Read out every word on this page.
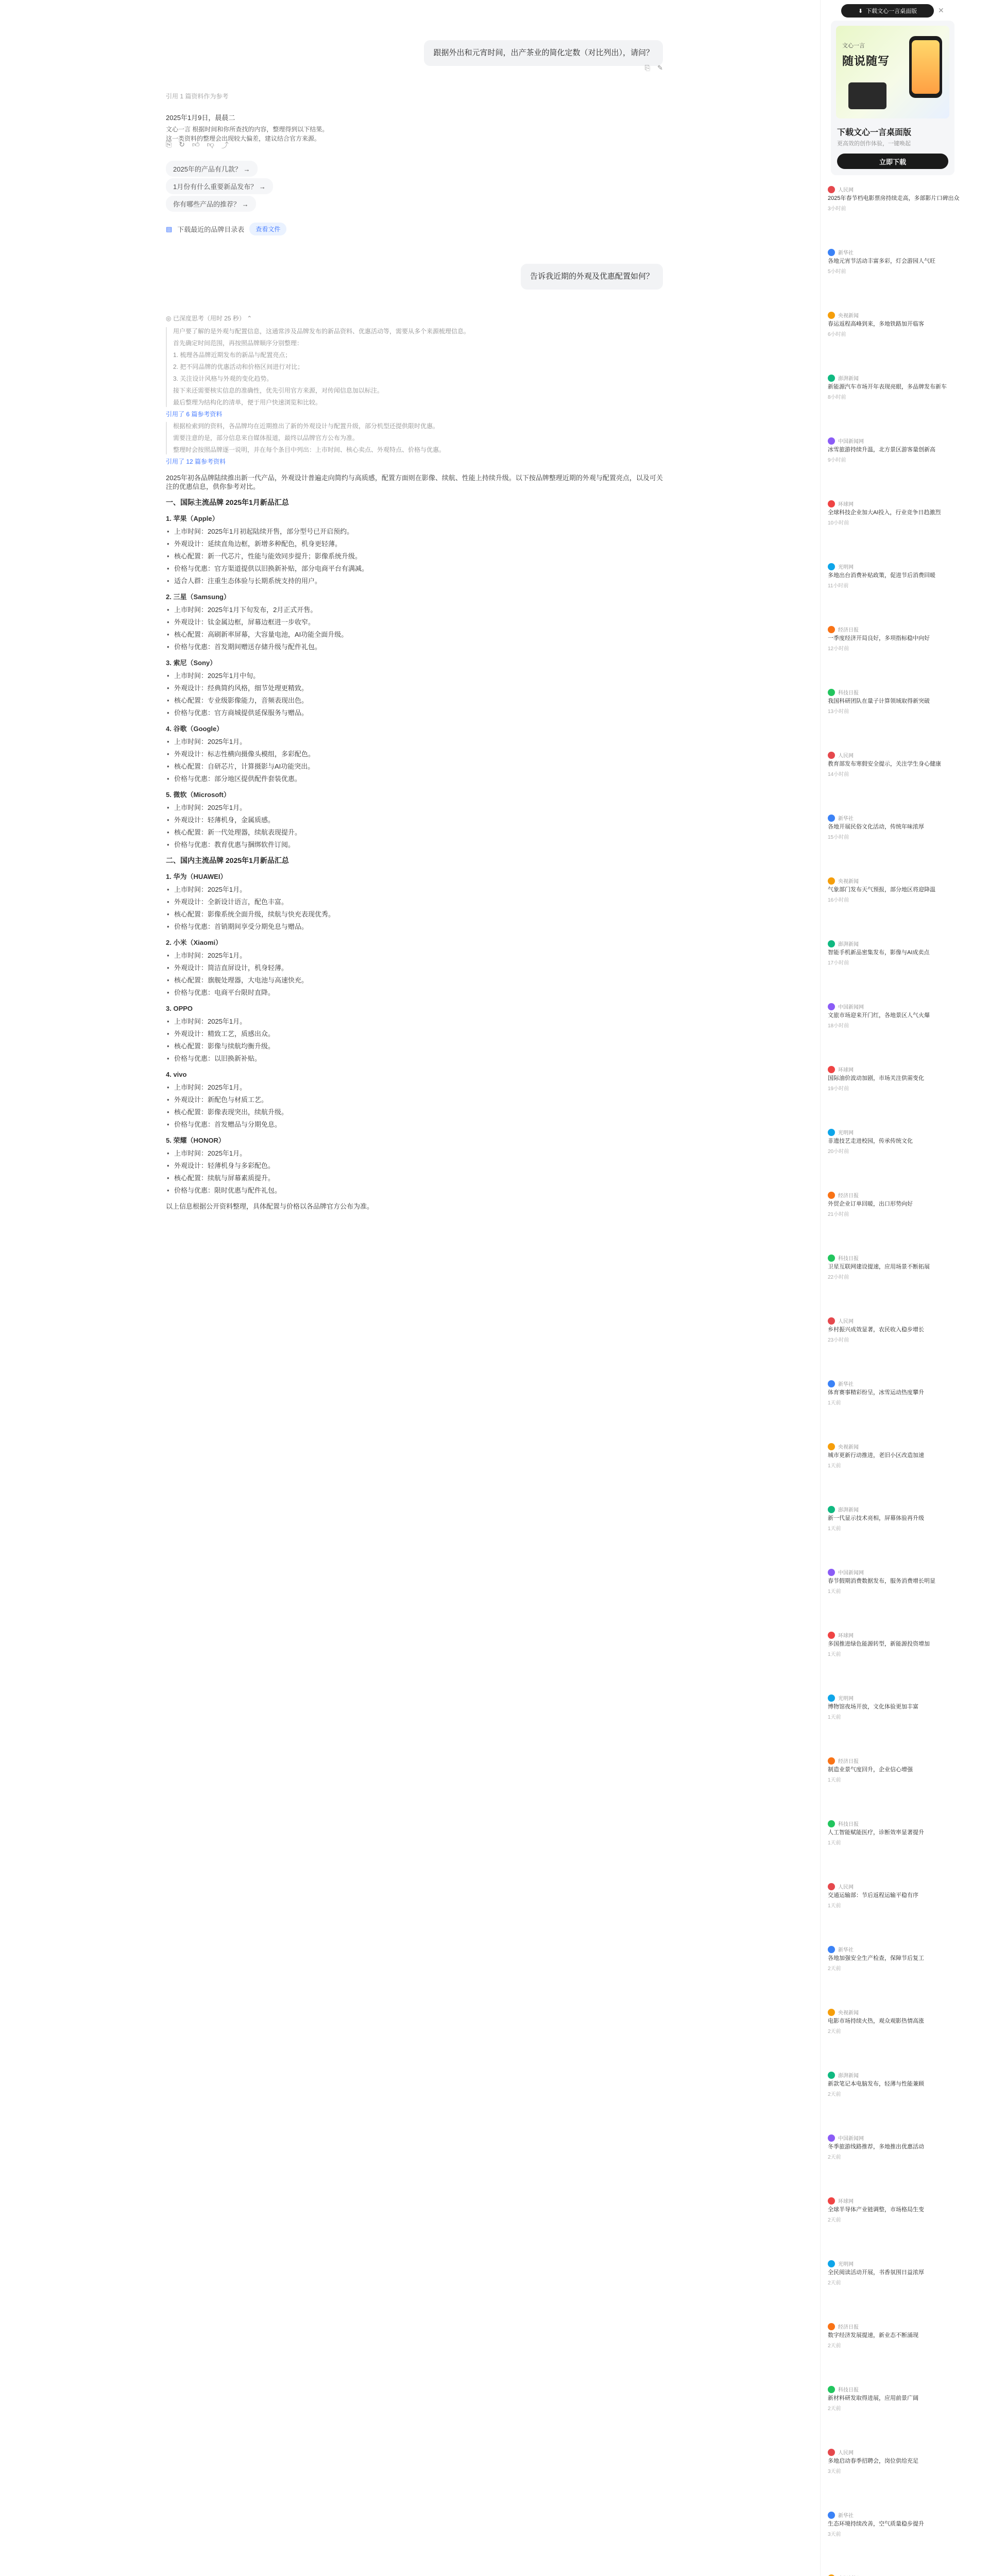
跟据外出和元宵时间，出产茶业的简化定数（对比列出），请问？
⎘ ✎
引用 1 篇资料作为参考
2025年1月9日，晨晨二
文心一言 根据时间和你所查找的内容，整理得到以下结果。
这一类资料的整理会出现较大偏差，建议结合官方来源。
⎘ ↻ 👍︎ 👎︎ ⤴
2025年的产品有几款？ →
1月份有什么重要新品发布？ →
你有哪些产品的推荐？ →
▤ 下载最近的品牌目录表	查看文件
告诉我近期的外观及优惠配置如何？

◎ 已深度思考（用时 25 秒） ⌃

用户要了解的是外观与配置信息，这通常涉及品牌发布的新品资料、优惠活动等，需要从多个来源梳理信息。

首先确定时间范围，再按照品牌顺序分别整理：

1. 梳理各品牌近期发布的新品与配置亮点；

2. 把不同品牌的优惠活动和价格区间进行对比；

3. 关注设计风格与外观的变化趋势。

接下来还需要核实信息的准确性，优先引用官方来源，对传闻信息加以标注。

最后整理为结构化的清单，便于用户快速浏览和比较。

引用了 6 篇参考资料

根据检索到的资料，各品牌均在近期推出了新的外观设计与配置升级，部分机型还提供限时优惠。

需要注意的是，部分信息来自媒体报道，最终以品牌官方公布为准。

整理时会按照品牌逐一说明，并在每个条目中列出：上市时间、核心卖点、外观特点、价格与优惠。

引用了 12 篇参考资料

2025年初各品牌陆续推出新一代产品，外观设计普遍走向简约与高质感，配置方面则在影像、续航、性能上持续升级。以下按品牌整理近期的外观与配置亮点，以及可关注的优惠信息，供你参考对比。

一、国际主流品牌 2025年1月新品汇总
1. 苹果（Apple）
• 上市时间：2025年1月初起陆续开售，部分型号已开启预约。
• 外观设计：延续直角边框，新增多种配色，机身更轻薄。
• 核心配置：新一代芯片，性能与能效同步提升；影像系统升级。
• 价格与优惠：官方渠道提供以旧换新补贴，部分电商平台有满减。
• 适合人群：注重生态体验与长期系统支持的用户。
2. 三星（Samsung）
• 上市时间：2025年1月下旬发布，2月正式开售。
• 外观设计：钛金属边框，屏幕边框进一步收窄。
• 核心配置：高刷新率屏幕，大容量电池，AI功能全面升级。
• 价格与优惠：首发期间赠送存储升级与配件礼包。
3. 索尼（Sony）
• 上市时间：2025年1月中旬。
• 外观设计：经典简约风格，细节处理更精致。
• 核心配置：专业级影像能力，音频表现出色。
• 价格与优惠：官方商城提供延保服务与赠品。
4. 谷歌（Google）
• 上市时间：2025年1月。
• 外观设计：标志性横向摄像头模组，多彩配色。
• 核心配置：自研芯片，计算摄影与AI功能突出。
• 价格与优惠：部分地区提供配件套装优惠。
5. 微软（Microsoft）
• 上市时间：2025年1月。
• 外观设计：轻薄机身，金属质感。
• 核心配置：新一代处理器，续航表现提升。
• 价格与优惠：教育优惠与捆绑软件订阅。
二、国内主流品牌 2025年1月新品汇总
1. 华为（HUAWEI）
• 上市时间：2025年1月。
• 外观设计：全新设计语言，配色丰富。
• 核心配置：影像系统全面升级，续航与快充表现优秀。
• 价格与优惠：首销期间享受分期免息与赠品。
2. 小米（Xiaomi）
• 上市时间：2025年1月。
• 外观设计：简洁直屏设计，机身轻薄。
• 核心配置：旗舰处理器，大电池与高速快充。
• 价格与优惠：电商平台限时直降。
3. OPPO
• 上市时间：2025年1月。
• 外观设计：精致工艺，质感出众。
• 核心配置：影像与续航均衡升级。
• 价格与优惠：以旧换新补贴。
4. vivo
• 上市时间：2025年1月。
• 外观设计：新配色与材质工艺。
• 核心配置：影像表现突出，续航升级。
• 价格与优惠：首发赠品与分期免息。
5. 荣耀（HONOR）
• 上市时间：2025年1月。
• 外观设计：轻薄机身与多彩配色。
• 核心配置：续航与屏幕素质提升。
• 价格与优惠：限时优惠与配件礼包。

以上信息根据公开资料整理，具体配置与价格以各品牌官方公布为准。

⬇ 下载文心一言桌面版	✕
文心一言
随说随写
下载文心一言桌面版
更高效的创作体验，一键唤起
立即下载
人民网
2025年春节档电影票房持续走高，多部影片口碑出众
3小时前
新华社
各地元宵节活动丰富多彩，灯会游园人气旺
5小时前
央视新闻
春运返程高峰到来，多地铁路加开临客
6小时前
澎湃新闻
新能源汽车市场开年表现亮眼，多品牌发布新车
8小时前
中国新闻网
冰雪旅游持续升温，北方景区游客量创新高
9小时前
环球网
全球科技企业加大AI投入，行业竞争日趋激烈
10小时前
光明网
多地出台消费补贴政策，促进节后消费回暖
11小时前
经济日报
一季度经济开局良好，多项指标稳中向好
12小时前
科技日报
我国科研团队在量子计算领域取得新突破
13小时前
人民网
教育部发布寒假安全提示，关注学生身心健康
14小时前
新华社
各地开展民俗文化活动，传统年味浓厚
15小时前
央视新闻
气象部门发布天气预报，部分地区将迎降温
16小时前
澎湃新闻
智能手机新品密集发布，影像与AI成卖点
17小时前
中国新闻网
文旅市场迎来开门红，各地景区人气火爆
18小时前
环球网
国际油价波动加剧，市场关注供需变化
19小时前
光明网
非遗技艺走进校园，传承传统文化
20小时前
经济日报
外贸企业订单回暖，出口形势向好
21小时前
科技日报
卫星互联网建设提速，应用场景不断拓展
22小时前
人民网
乡村振兴成效显著，农民收入稳步增长
23小时前
新华社
体育赛事精彩纷呈，冰雪运动热度攀升
1天前
央视新闻
城市更新行动推进，老旧小区改造加速
1天前
澎湃新闻
新一代显示技术亮相，屏幕体验再升级
1天前
中国新闻网
春节假期消费数据发布，服务消费增长明显
1天前
环球网
多国推进绿色能源转型，新能源投资增加
1天前
光明网
博物馆夜场开放，文化体验更加丰富
1天前
经济日报
制造业景气度回升，企业信心增强
1天前
科技日报
人工智能赋能医疗，诊断效率显著提升
1天前
人民网
交通运输部：节后返程运输平稳有序
1天前
新华社
各地加强安全生产检查，保障节后复工
2天前
央视新闻
电影市场持续火热，观众观影热情高涨
2天前
澎湃新闻
新款笔记本电脑发布，轻薄与性能兼顾
2天前
中国新闻网
冬季旅游线路推荐，多地推出优惠活动
2天前
环球网
全球半导体产业链调整，市场格局生变
2天前
光明网
全民阅读活动开展，书香氛围日益浓厚
2天前
经济日报
数字经济发展提速，新业态不断涌现
2天前
科技日报
新材料研发取得进展，应用前景广阔
2天前
人民网
多地启动春季招聘会，岗位供给充足
3天前
新华社
生态环境持续改善，空气质量稳步提升
3天前
